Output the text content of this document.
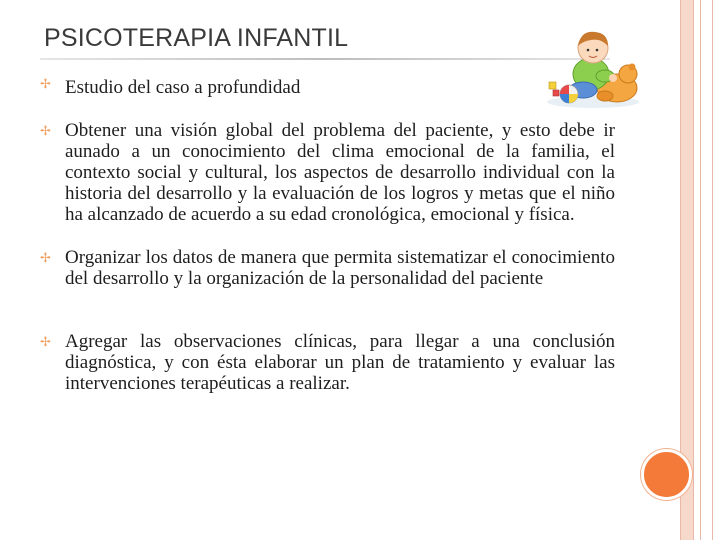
PSICOTERAPIA INFANTIL
✢ Estudio del caso a profundidad
✢ Obtener una visión global del problema del paciente, y esto debe ir aunado a un conocimiento del clima emocional de la familia, el contexto social y cultural, los aspectos de desarrollo individual con la historia del desarrollo y la evaluación de los logros y metas que el niño ha alcanzado de acuerdo a su edad cronológica, emocional y física.
✢ Organizar los datos de manera que permita sistematizar el conocimiento del desarrollo y la organización de la personalidad del paciente
✢ Agregar las observaciones clínicas, para llegar a una conclusión diagnóstica, y con ésta elaborar un plan de tratamiento y evaluar las intervenciones terapéuticas a realizar.
